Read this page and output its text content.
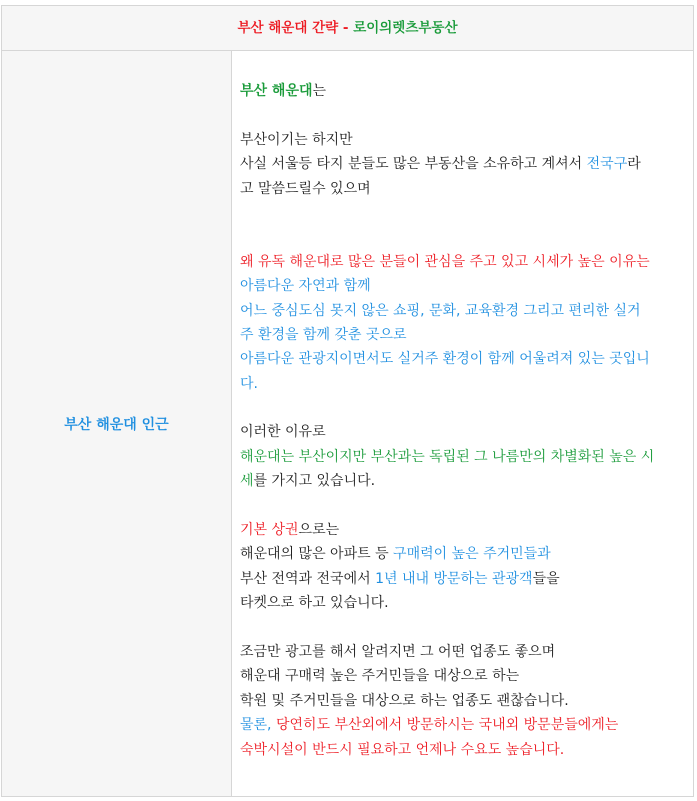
부산 해운대 간략 - 로이의렛츠부동산
부산 해운대 인근
부산 해운대는
부산이기는 하지만
사실 서울등 타지 분들도 많은 부동산을 소유하고 계셔서 전국구라
고 말씀드릴수 있으며
왜 유독 해운대로 많은 분들이 관심을 주고 있고 시세가 높은 이유는
아름다운 자연과 함께
어느 중심도심 못지 않은 쇼핑, 문화, 교육환경 그리고 편리한 실거
주 환경을 함께 갖춘 곳으로
아름다운 관광지이면서도 실거주 환경이 함께 어울려져 있는 곳입니
다.
이러한 이유로
해운대는 부산이지만 부산과는 독립된 그 나름만의 차별화된 높은 시
세를 가지고 있습니다.
기본 상권으로는
해운대의 많은 아파트 등 구매력이 높은 주거민들과
부산 전역과 전국에서 1년 내내 방문하는 관광객들을
타켓으로 하고 있습니다.
조금만 광고를 해서 알려지면 그 어떤 업종도 좋으며
해운대 구매력 높은 주거민들을 대상으로 하는
학원 및 주거민들을 대상으로 하는 업종도 괜찮습니다.
물론, 당연히도 부산외에서 방문하시는 국내외 방문분들에게는
숙박시설이 반드시 필요하고 언제나 수요도 높습니다.
